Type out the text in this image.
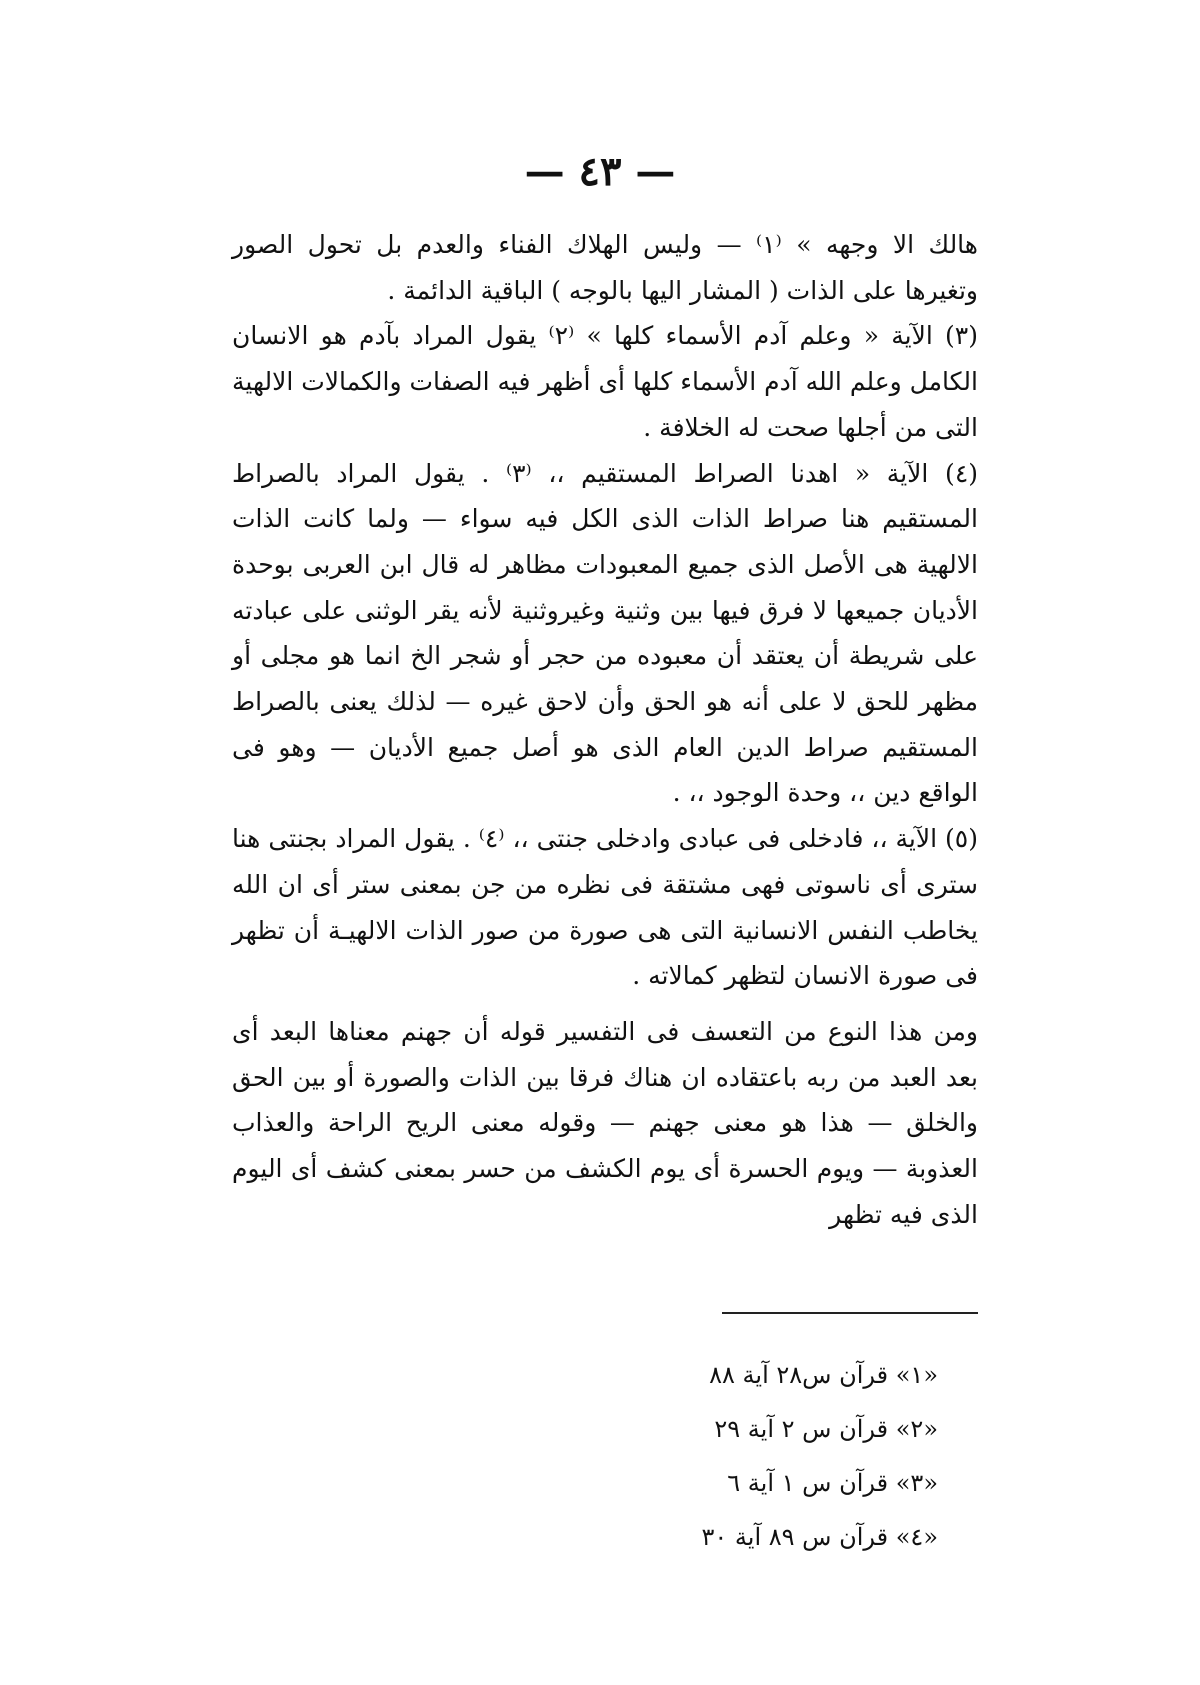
— ٤٣ —

هالك الا وجهه » ⁽١⁾ — وليس الهلاك الفناء والعدم بل تحول الصور وتغيرها على الذات ( المشار اليها بالوجه ) الباقية الدائمة .

(٣) الآية « وعلم آدم الأسماء كلها » ⁽٢⁾ يقول المراد بآدم هو الانسان الكامل وعلم الله آدم الأسماء كلها أى أظهر فيه الصفات والكمالات الالهية التى من أجلها صحت له الخلافة .

(٤) الآية « اهدنا الصراط المستقيم ،، ⁽٣⁾ . يقول المراد بالصراط المستقيم هنا صراط الذات الذى الكل فيه سواء — ولما كانت الذات الالهية هى الأصل الذى جميع المعبودات مظاهر له قال ابن العربى بوحدة الأديان جميعها لا فرق فيها بين وثنية وغيروثنية لأنه يقر الوثنى على عبادته على شريطة أن يعتقد أن معبوده من حجر أو شجر الخ انما هو مجلى أو مظهر للحق لا على أنه هو الحق وأن لاحق غيره — لذلك يعنى بالصراط المستقيم صراط الدين العام الذى هو أصل جميع الأديان — وهو فى الواقع دين ،، وحدة الوجود ،، .

(٥) الآية ،، فادخلى فى عبادى وادخلى جنتى ،، ⁽٤⁾ . يقول المراد بجنتى هنا سترى أى ناسوتى فهى مشتقة فى نظره من جن بمعنى ستر أى ان الله يخاطب النفس الانسانية التى هى صورة من صور الذات الالهيـة أن تظهر فى صورة الانسان لتظهر كمالاته .

ومن هذا النوع من التعسف فى التفسير قوله أن جهنم معناها البعد أى بعد العبد من ربه باعتقاده ان هناك فرقا بين الذات والصورة أو بين الحق والخلق — هذا هو معنى جهنم — وقوله معنى الريح الراحة والعذاب العذوبة — ويوم الحسرة أى يوم الكشف من حسر بمعنى كشف أى اليوم الذى فيه تظهر

«١» قرآن س٢٨ آية ٨٨
«٢» قرآن س ٢ آية ٢٩
«٣» قرآن س ١ آية ٦
«٤» قرآن س ٨٩ آية ٣٠
